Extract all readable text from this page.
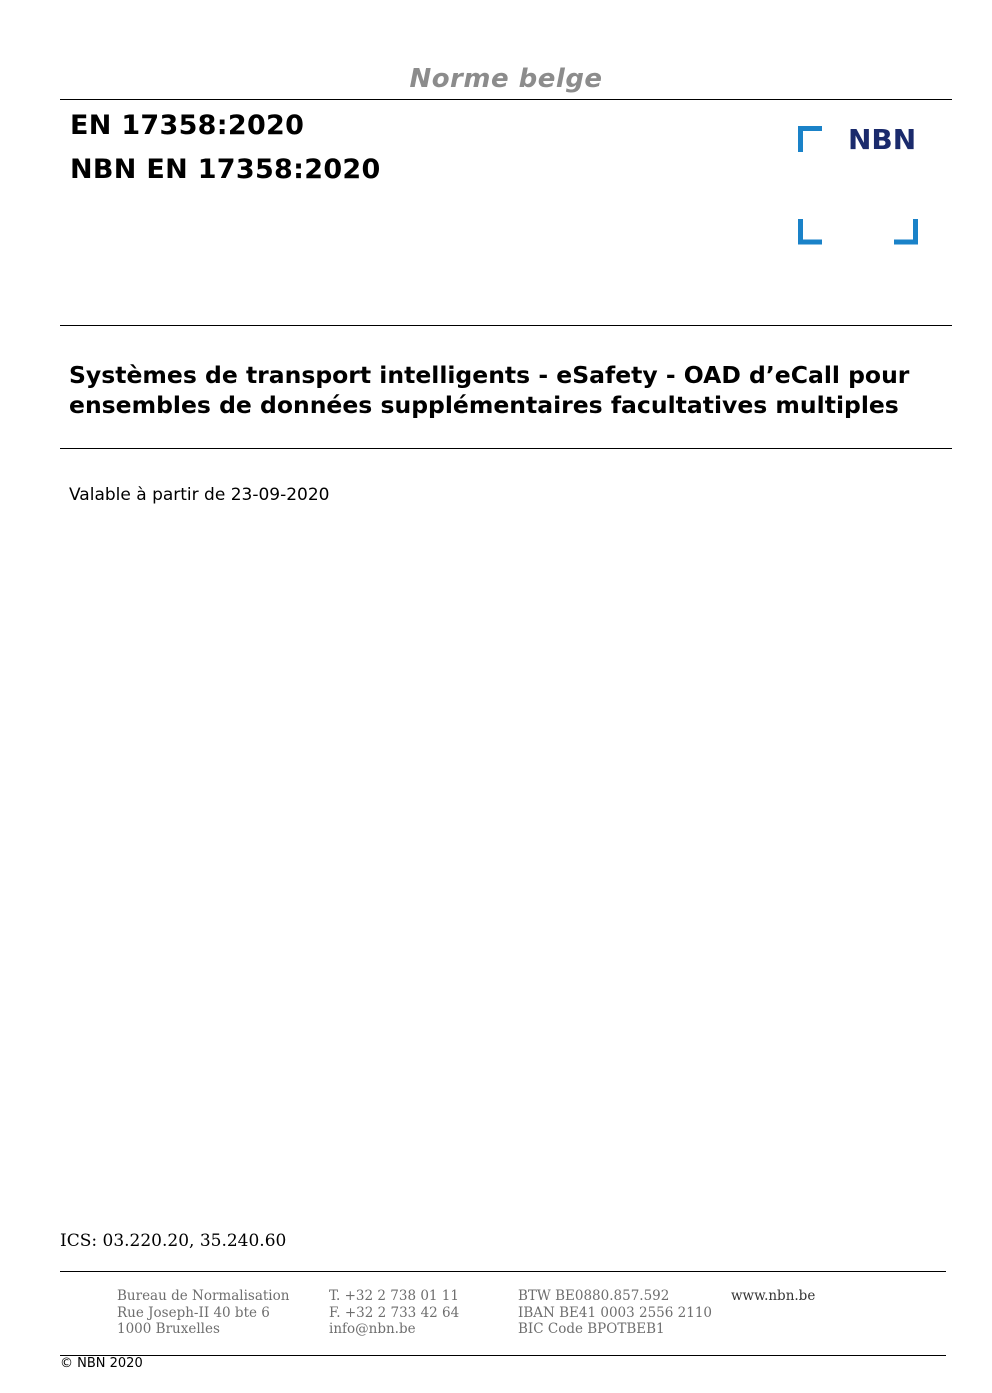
Norme belge
EN 17358:2020
NBN EN 17358:2020
NBN
Systèmes de transport intelligents - eSafety - OAD d’eCall pour
ensembles de données supplémentaires facultatives multiples
Valable à partir de 23-09-2020
ICS: 03.220.20, 35.240.60
Bureau de Normalisation
Rue Joseph-II 40 bte 6
1000 Bruxelles
T. +32 2 738 01 11
F. +32 2 733 42 64
info@nbn.be
BTW BE0880.857.592
IBAN BE41 0003 2556 2110
BIC Code BPOTBEB1
www.nbn.be
© NBN 2020
